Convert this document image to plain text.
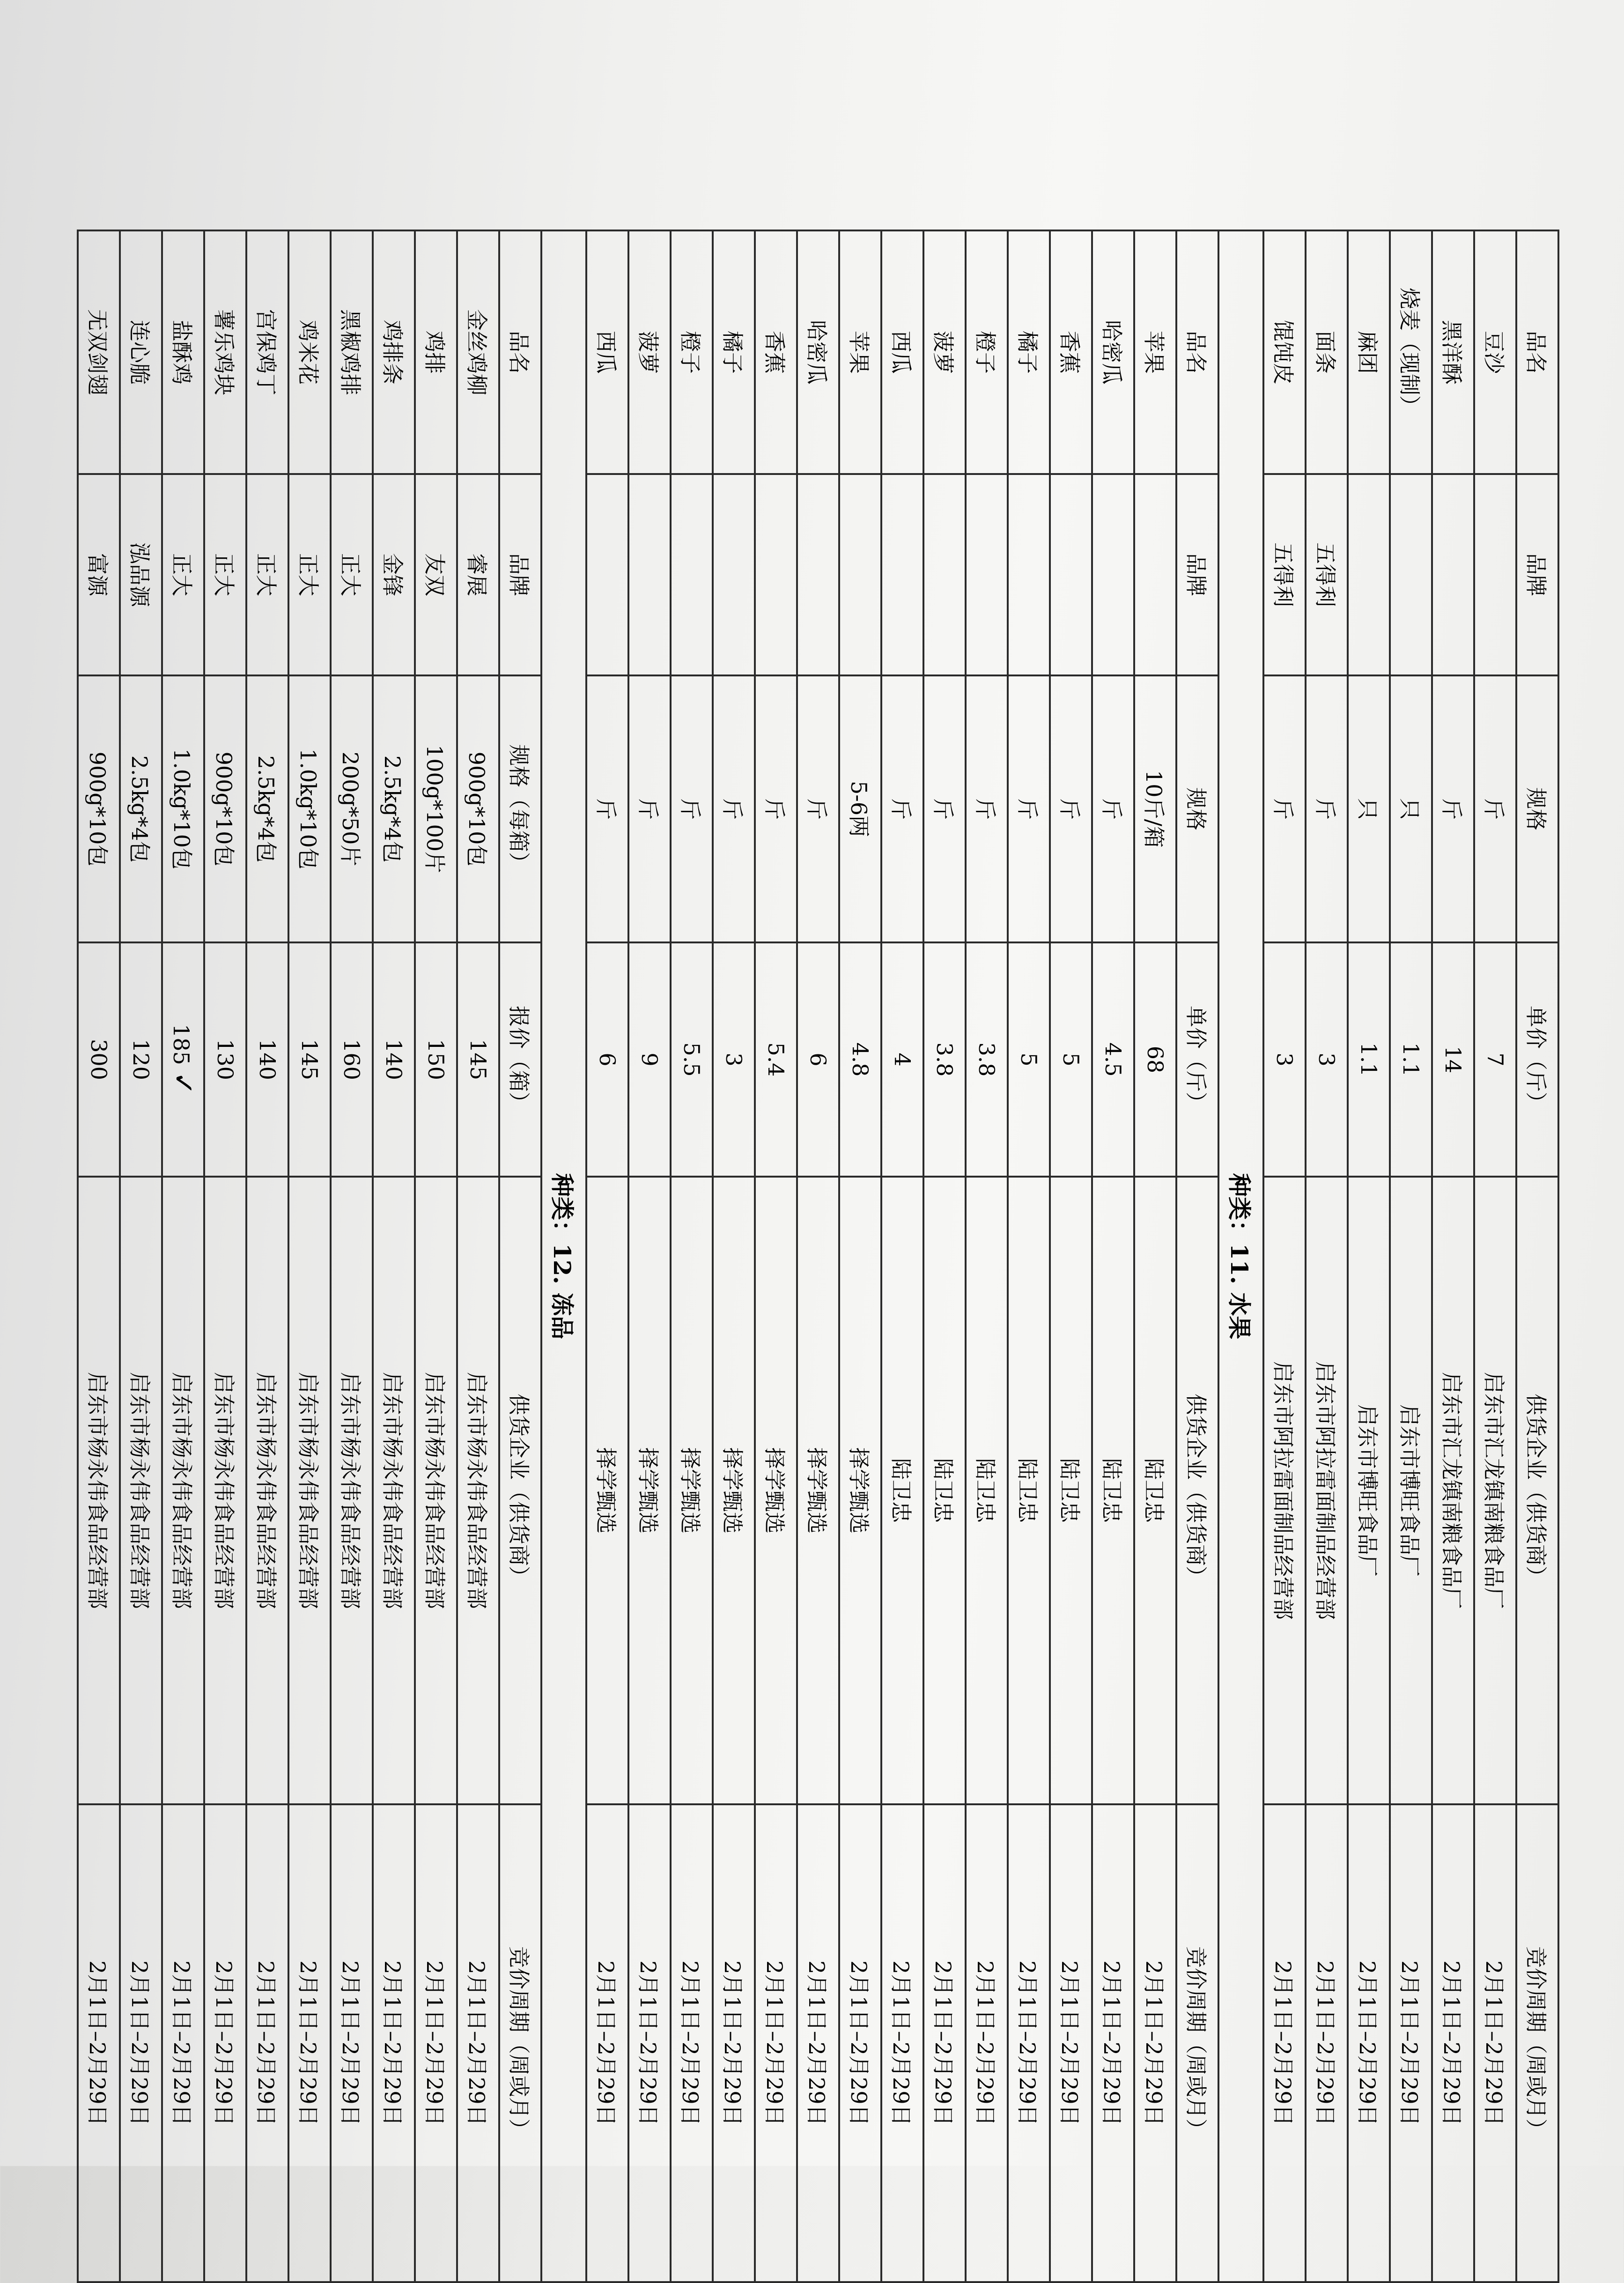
品名	品牌	规格	单价（斤）	供货企业（供货商）	竞价周期（周或月）
豆沙		斤	7	启东市汇龙镇南粮食品厂	2月1日–2月29日
黑洋酥		斤	14	启东市汇龙镇南粮食品厂	2月1日–2月29日
烧麦（现制）		只	1.1	启东市博旺食品厂	2月1日–2月29日
麻团		只	1.1	启东市博旺食品厂	2月1日–2月29日
面条	五得利	斤	3	启东市阿拉雷面制品经营部	2月1日–2月29日
馄饨皮	五得利	斤	3	启东市阿拉雷面制品经营部	2月1日–2月29日
种类：11. 水果					
品名	品牌	规格	单价（斤）	供货企业（供货商）	竞价周期（周或月）
苹果		10斤/箱	68	陆卫忠	2月1日–2月29日
哈密瓜		斤	4.5	陆卫忠	2月1日–2月29日
香蕉		斤	5	陆卫忠	2月1日–2月29日
橘子		斤	5	陆卫忠	2月1日–2月29日
橙子		斤	3.8	陆卫忠	2月1日–2月29日
菠萝		斤	3.8	陆卫忠	2月1日–2月29日
西瓜		斤	4	陆卫忠	2月1日–2月29日
苹果		5-6两	4.8	择学甄选	2月1日–2月29日
哈密瓜		斤	6	择学甄选	2月1日–2月29日
香蕉		斤	5.4	择学甄选	2月1日–2月29日
橘子		斤	3	择学甄选	2月1日–2月29日
橙子		斤	5.5	择学甄选	2月1日–2月29日
菠萝		斤	9	择学甄选	2月1日–2月29日
西瓜		斤	6	择学甄选	2月1日–2月29日
种类：12. 冻品					
品名	品牌	规格（每箱）	报价（箱）	供货企业（供货商）	竞价周期（周或月）
金丝鸡柳	睿展	900g*10包	145	启东市杨永伟食品经营部	2月1日–2月29日
鸡排	友双	100g*100片	150	启东市杨永伟食品经营部	2月1日–2月29日
鸡排条	金锋	2.5kg*4包	140	启东市杨永伟食品经营部	2月1日–2月29日
黑椒鸡排	正大	200g*50片	160	启东市杨永伟食品经营部	2月1日–2月29日
鸡米花	正大	1.0kg*10包	145	启东市杨永伟食品经营部	2月1日–2月29日
宫保鸡丁	正大	2.5kg*4包	140	启东市杨永伟食品经营部	2月1日–2月29日
薯乐鸡块	正大	900g*10包	130	启东市杨永伟食品经营部	2月1日–2月29日
盐酥鸡	正大	1.0kg*10包	185✓	启东市杨永伟食品经营部	2月1日–2月29日
连心脆	泓品源	2.5kg*4包	120	启东市杨永伟食品经营部	2月1日–2月29日
无双剑翅	富源	900g*10包	300	启东市杨永伟食品经营部	2月1日–2月29日
